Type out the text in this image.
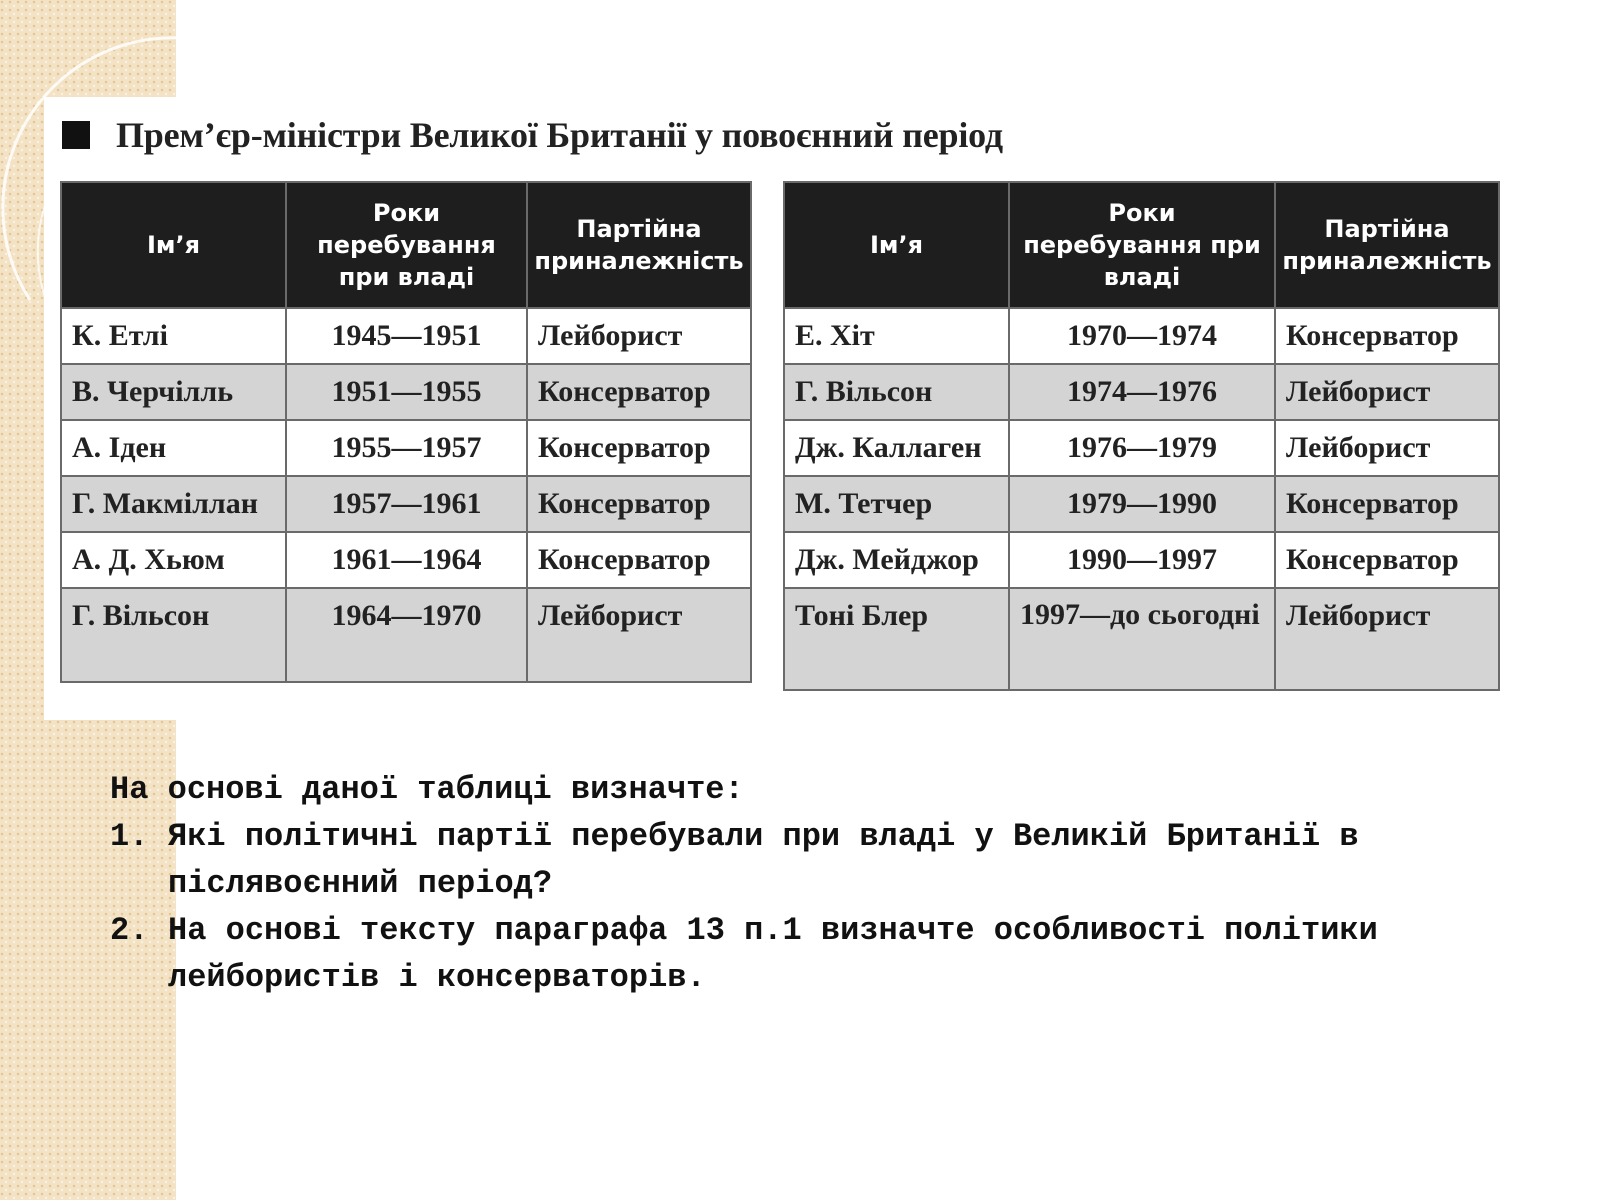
Прем’єр-міністри Великої Британії у повоєнний період
Ім’я	Роки перебування при владі	Партійна приналежність
К. Етлі	1945—1951	Лейборист
В. Черчілль	1951—1955	Консерватор
А. Іден	1955—1957	Консерватор
Г. Макміллан	1957—1961	Консерватор
А. Д. Хьюм	1961—1964	Консерватор
Г. Вільсон	1964—1970	Лейборист
Ім’я	Роки перебування при владі	Партійна приналежність
Е. Хіт	1970—1974	Консерватор
Г. Вільсон	1974—1976	Лейборист
Дж. Каллаген	1976—1979	Лейборист
М. Тетчер	1979—1990	Консерватор
Дж. Мейджор	1990—1997	Консерватор
Тоні Блер	1997—до сьогодні	Лейборист

На основі даної таблиці визначте:

1. Які політичні партії перебували при владі у Великій Британії в післявоєнний період?
2. На основі тексту параграфа 13 п.1 визначте особливості політики лейбористів і консерваторів.
